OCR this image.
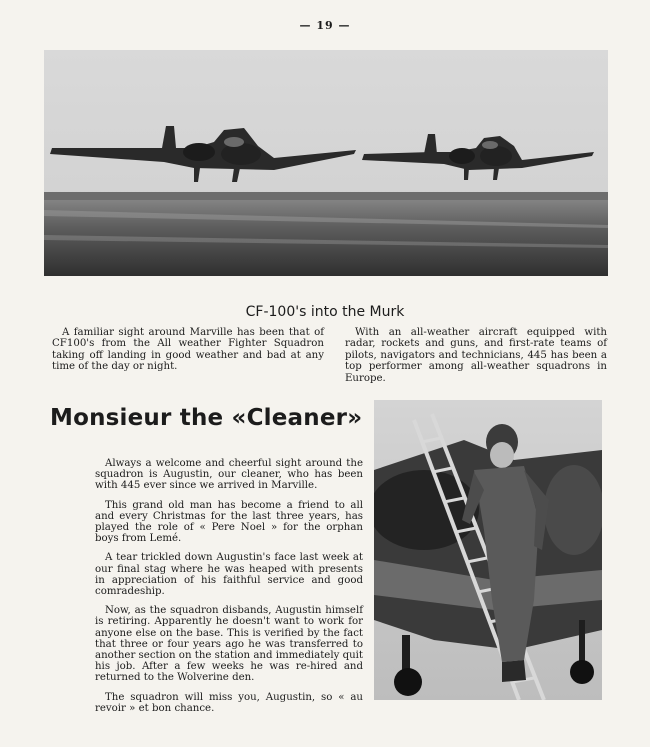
— 19 —
CF-100's into the Murk

A familiar sight around Marville has been that of CF100's from the All weather Fighter Squadron taking off landing in good weather and bad at any time of the day or night.

With an all-weather aircraft equipped with radar, rockets and guns, and first-rate teams of pilots, navigators and technicians, 445 has been a top performer among all-weather squadrons in Europe.

Monsieur the «Cleaner»

Always a welcome and cheerful sight around the squadron is Augustin, our cleaner, who has been with 445 ever since we arrived in Marville.

This grand old man has become a friend to all and every Christmas for the last three years, has played the role of « Pere Noel » for the orphan boys from Lemé.

A tear trickled down Augustin's face last week at our final stag where he was heaped with presents in appreciation of his faithful service and good comradeship.

Now, as the squadron disbands, Augustin himself is retiring. Apparently he doesn't want to work for anyone else on the base. This is verified by the fact that three or four years ago he was transferred to another section on the station and immediately quit his job. After a few weeks he was re-hired and returned to the Wolverine den.

The squadron will miss you, Augustin, so « au revoir » et bon chance.
